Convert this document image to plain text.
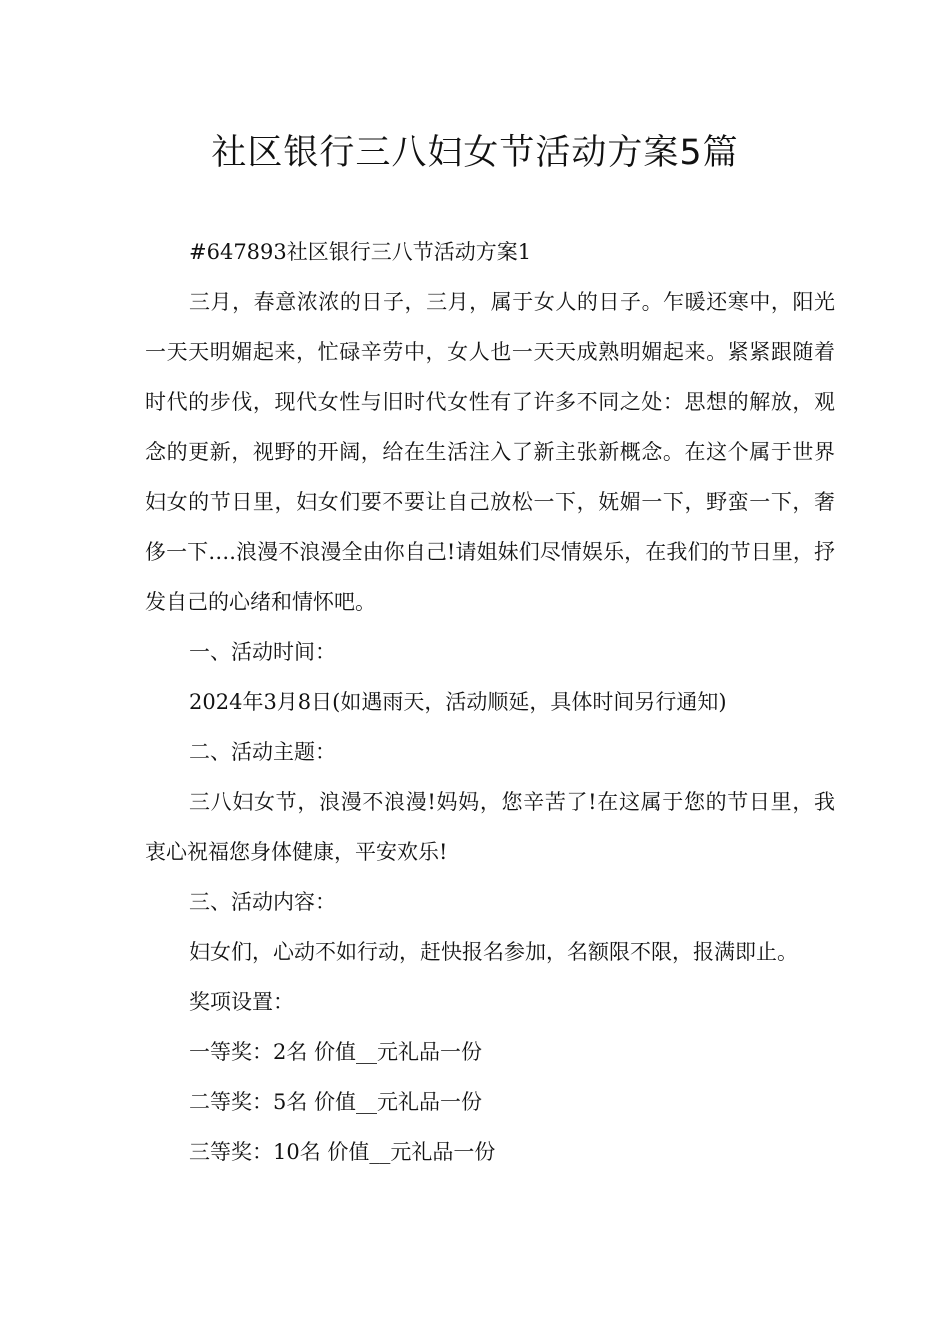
社区银行三八妇女节活动方案5篇

#647893社区银行三八节活动方案1

三月，春意浓浓的日子，三月，属于女人的日子。乍暖还寒中，阳光一天天明媚起来，忙碌辛劳中，女人也一天天成熟明媚起来。紧紧跟随着时代的步伐，现代女性与旧时代女性有了许多不同之处：思想的解放，观念的更新，视野的开阔，给在生活注入了新主张新概念。在这个属于世界妇女的节日里，妇女们要不要让自己放松一下，妩媚一下，野蛮一下，奢侈一下….浪漫不浪漫全由你自己!请姐妹们尽情娱乐，在我们的节日里，抒发自己的心绪和情怀吧。

一、活动时间：

2024年3月8日(如遇雨天，活动顺延，具体时间另行通知)

二、活动主题：

三八妇女节，浪漫不浪漫!妈妈，您辛苦了!在这属于您的节日里，我衷心祝福您身体健康，平安欢乐!

三、活动内容：

妇女们，心动不如行动，赶快报名参加，名额限不限，报满即止。

奖项设置：

一等奖：2名 价值__元礼品一份

二等奖：5名 价值__元礼品一份

三等奖：10名 价值__元礼品一份
